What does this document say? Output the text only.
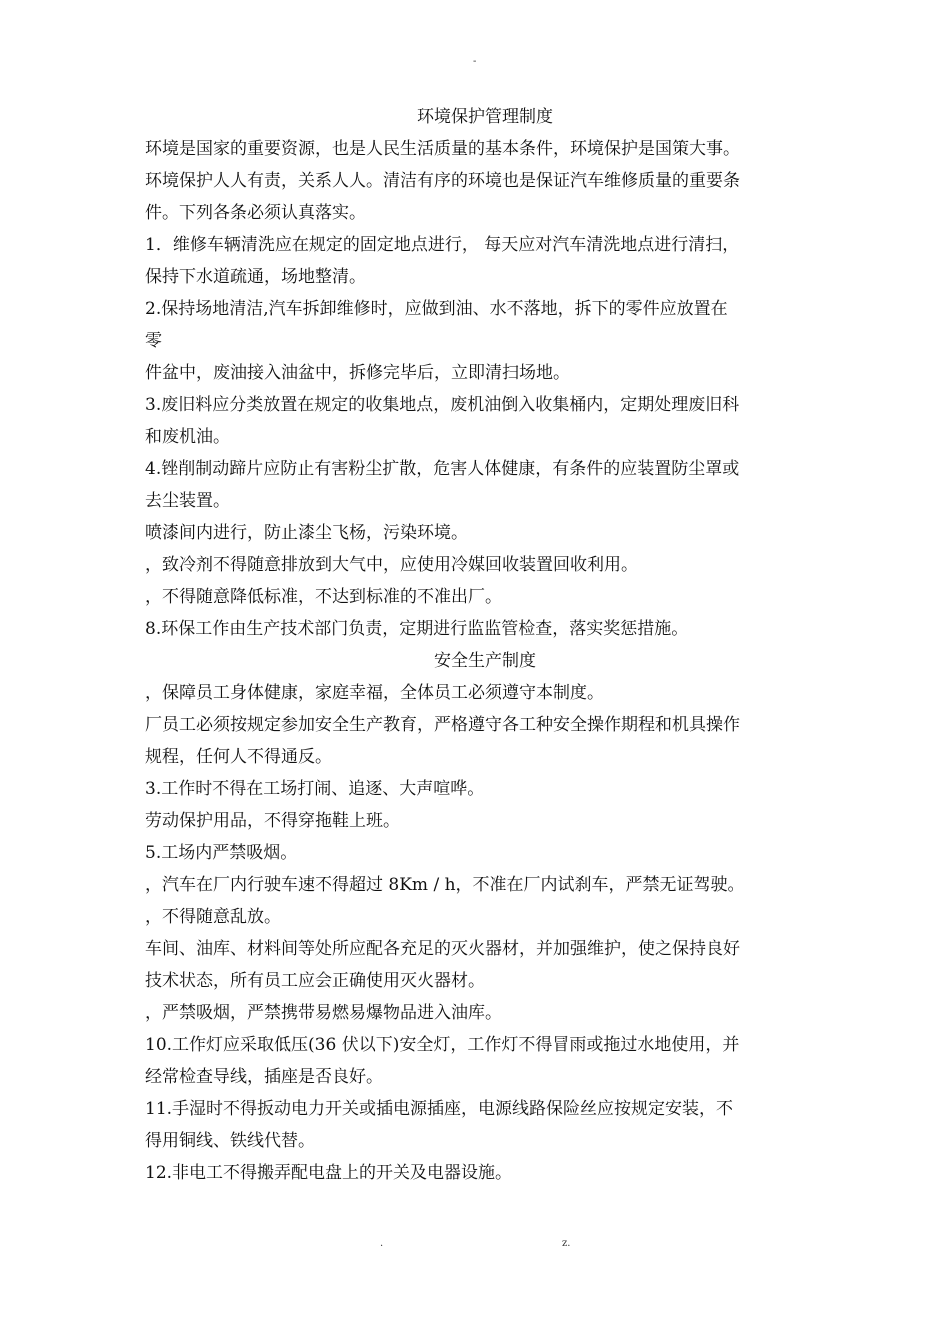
-
环境保护管理制度
环境是国家的重要资源，也是人民生活质量的基本条件，环境保护是国策大事。
环境保护人人有责，关系人人。清洁有序的环境也是保证汽车维修质量的重要条
件。下列各条必须认真落实。
1．维修车辆清洗应在规定的固定地点进行， 每天应对汽车清洗地点进行清扫，
保持下水道疏通，场地整清。
2.保持场地清洁,汽车拆卸维修时，应做到油、水不落地，拆下的零件应放置在
零
件盆中，废油接入油盆中，拆修完毕后，立即清扫场地。
3.废旧料应分类放置在规定的收集地点，废机油倒入收集桶内，定期处理废旧科
和废机油。
4.锉削制动蹄片应防止有害粉尘扩散，危害人体健康，有条件的应装置防尘罩或
去尘装置。
喷漆间内进行，防止漆尘飞杨，污染环境。
，致冷剂不得随意排放到大气中，应使用冷媒回收装置回收利用。
，不得随意降低标准，不达到标准的不准出厂。
8.环保工作由生产技术部门负责，定期进行监监管检查，落实奖惩措施。
安全生产制度
，保障员工身体健康，家庭幸福，全体员工必须遵守本制度。
厂员工必须按规定参加安全生产教育，严格遵守各工种安全操作期程和机具操作
规程，任何人不得通反。
3.工作时不得在工场打闹、追逐、大声喧哗。
劳动保护用品，不得穿拖鞋上班。
5.工场内严禁吸烟。
，汽车在厂内行驶车速不得超过 8Km / h，不准在厂内试刹车，严禁无证驾驶。
，不得随意乱放。
车间、油库、材料间等处所应配各充足的灭火器材，并加强维护，使之保持良好
技术状态，所有员工应会正确使用灭火器材。
，严禁吸烟，严禁携带易燃易爆物品进入油库。
10.工作灯应采取低压(36 伏以下)安全灯，工作灯不得冒雨或拖过水地使用，并
经常检查导线，插座是否良好。
11.手湿时不得扳动电力开关或插电源插座，电源线路保险丝应按规定安装，不
得用铜线、铁线代替。
12.非电工不得搬弄配电盘上的开关及电器设施。
.	z.
